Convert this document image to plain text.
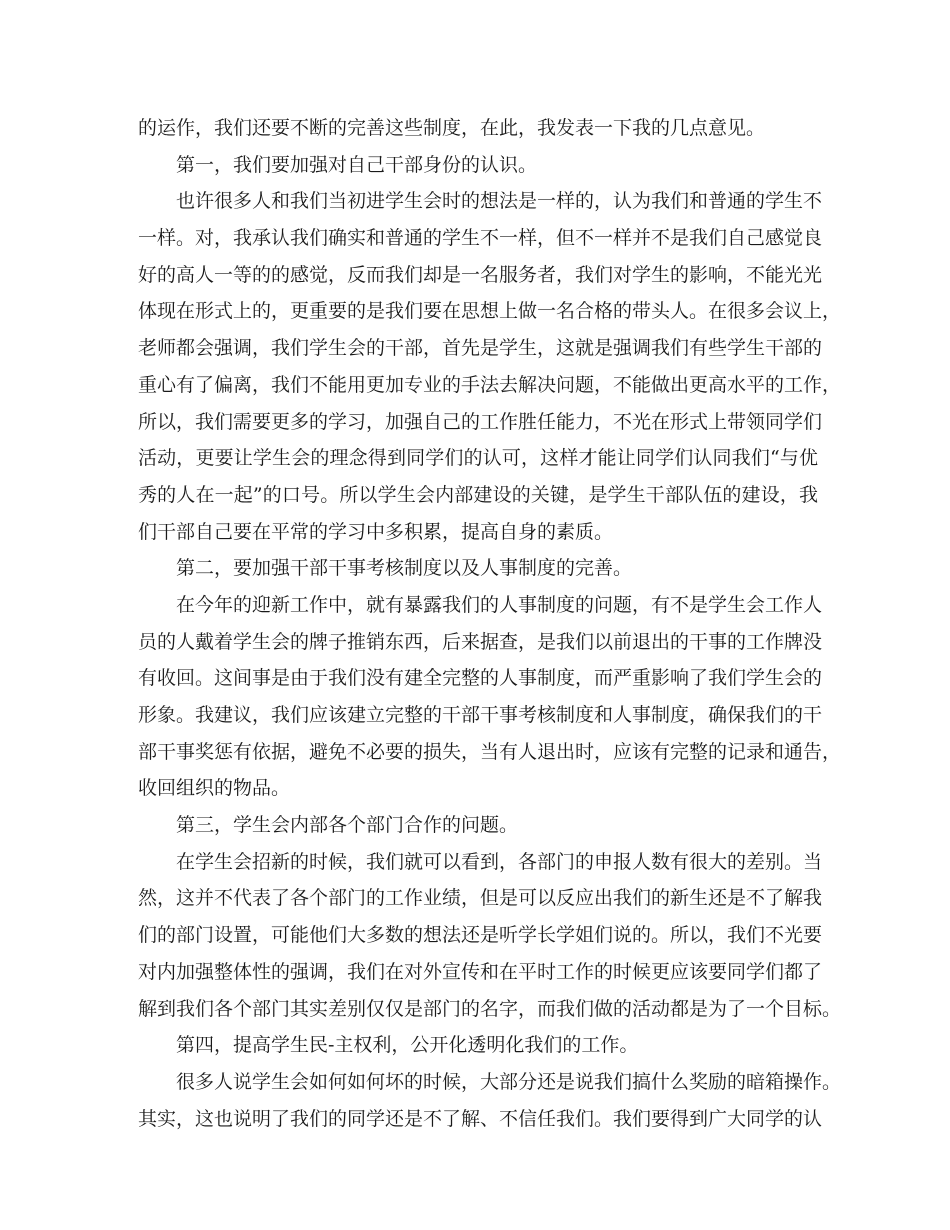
的运作，我们还要不断的完善这些制度，在此，我发表一下我的几点意见。
第一，我们要加强对自己干部身份的认识。
也许很多人和我们当初进学生会时的想法是一样的，认为我们和普通的学生不
一样。对，我承认我们确实和普通的学生不一样，但不一样并不是我们自己感觉良
好的高人一等的的感觉，反而我们却是一名服务者，我们对学生的影响，不能光光
体现在形式上的，更重要的是我们要在思想上做一名合格的带头人。在很多会议上，
老师都会强调，我们学生会的干部，首先是学生，这就是强调我们有些学生干部的
重心有了偏离，我们不能用更加专业的手法去解决问题，不能做出更高水平的工作，
所以，我们需要更多的学习，加强自己的工作胜任能力，不光在形式上带领同学们
活动，更要让学生会的理念得到同学们的认可，这样才能让同学们认同我们“与优
秀的人在一起”的口号。所以学生会内部建设的关键，是学生干部队伍的建设，我
们干部自己要在平常的学习中多积累，提高自身的素质。
第二，要加强干部干事考核制度以及人事制度的完善。
在今年的迎新工作中，就有暴露我们的人事制度的问题，有不是学生会工作人
员的人戴着学生会的牌子推销东西，后来据查，是我们以前退出的干事的工作牌没
有收回。这间事是由于我们没有建全完整的人事制度，而严重影响了我们学生会的
形象。我建议，我们应该建立完整的干部干事考核制度和人事制度，确保我们的干
部干事奖惩有依据，避免不必要的损失，当有人退出时，应该有完整的记录和通告，
收回组织的物品。
第三，学生会内部各个部门合作的问题。
在学生会招新的时候，我们就可以看到，各部门的申报人数有很大的差别。当
然，这并不代表了各个部门的工作业绩，但是可以反应出我们的新生还是不了解我
们的部门设置，可能他们大多数的想法还是听学长学姐们说的。所以，我们不光要
对内加强整体性的强调，我们在对外宣传和在平时工作的时候更应该要同学们都了
解到我们各个部门其实差别仅仅是部门的名字，而我们做的活动都是为了一个目标。
第四，提高学生民-主权利，公开化透明化我们的工作。
很多人说学生会如何如何坏的时候，大部分还是说我们搞什么奖励的暗箱操作。
其实，这也说明了我们的同学还是不了解、不信任我们。我们要得到广大同学的认
